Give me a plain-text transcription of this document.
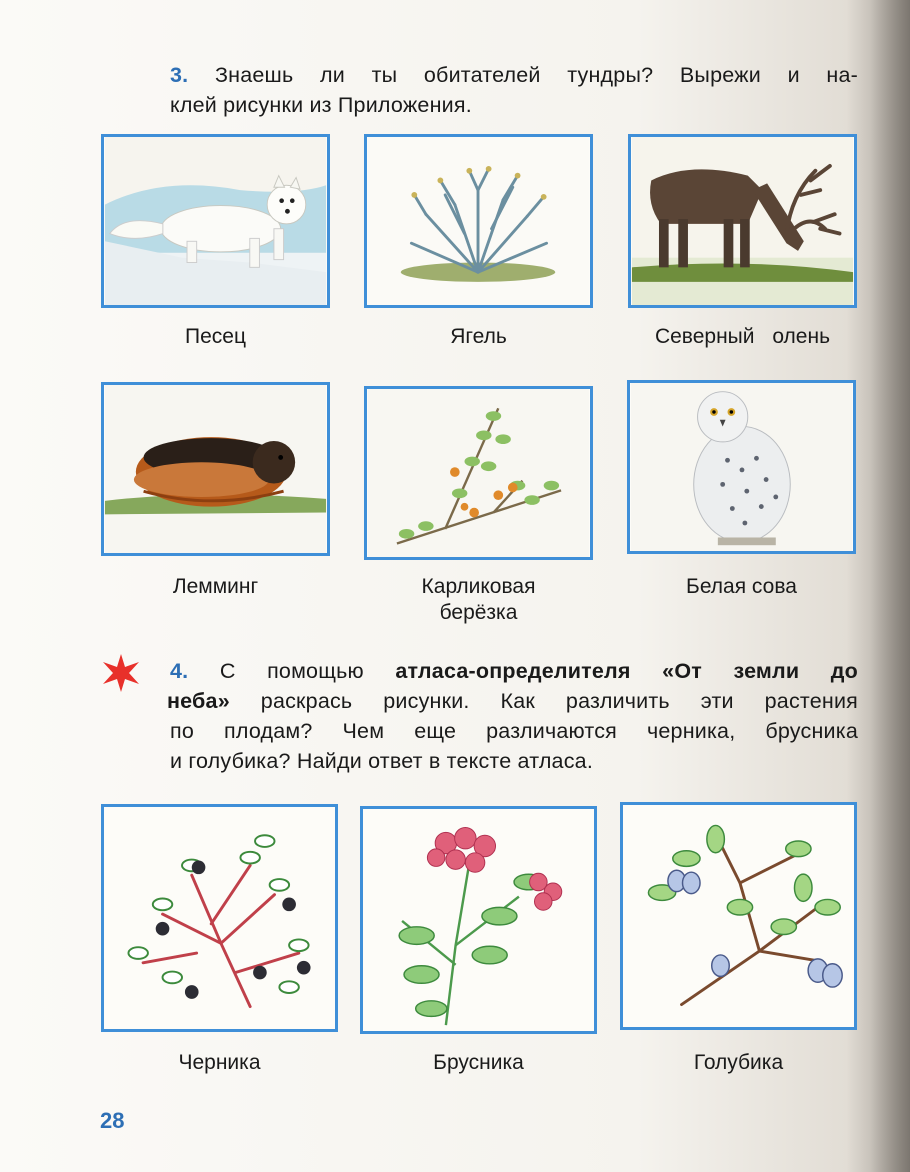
3. Знаешь ли ты обитателей тундры? Вырежи и на-
клей рисунки из Приложения.
Песец	Ягель	Северный олень
Лемминг	Карликовая
берёзка
Белая сова
4. С помощью атласа-определителя «От земли до
неба» раскрась рисунки. Как различить эти растения
по плодам? Чем еще различаются черника, брусника
и голубика? Найди ответ в тексте атласа.
Черника	Брусника	Голубика
28
